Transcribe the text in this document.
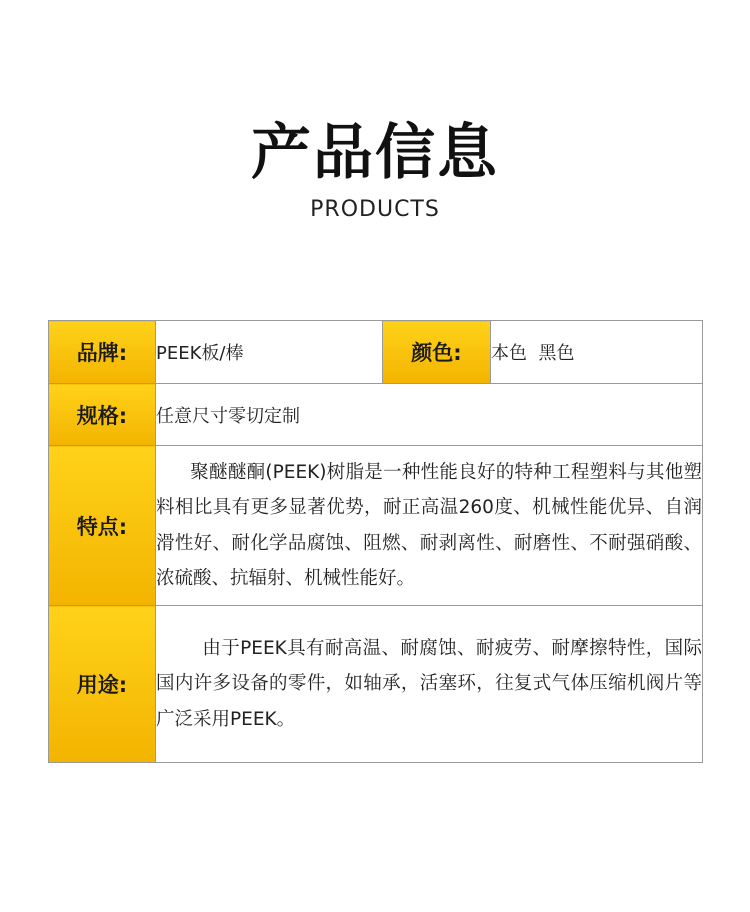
产品信息
PRODUCTS
品牌:	PEEK板/棒	颜色:	本色  黑色
规格:	任意尺寸零切定制		
特点:	聚醚醚酮(PEEK)树脂是一种性能良好的特种工程塑料与其他塑料相比具有更多显著优势，耐正高温260度、机械性能优异、自润滑性好、耐化学品腐蚀、阻燃、耐剥离性、耐磨性、不耐强硝酸、浓硫酸、抗辐射、机械性能好。		
用途:	由于PEEK具有耐高温、耐腐蚀、耐疲劳、耐摩擦特性，国际国内许多设备的零件，如轴承，活塞环，往复式气体压缩机阀片等广泛采用PEEK。		
